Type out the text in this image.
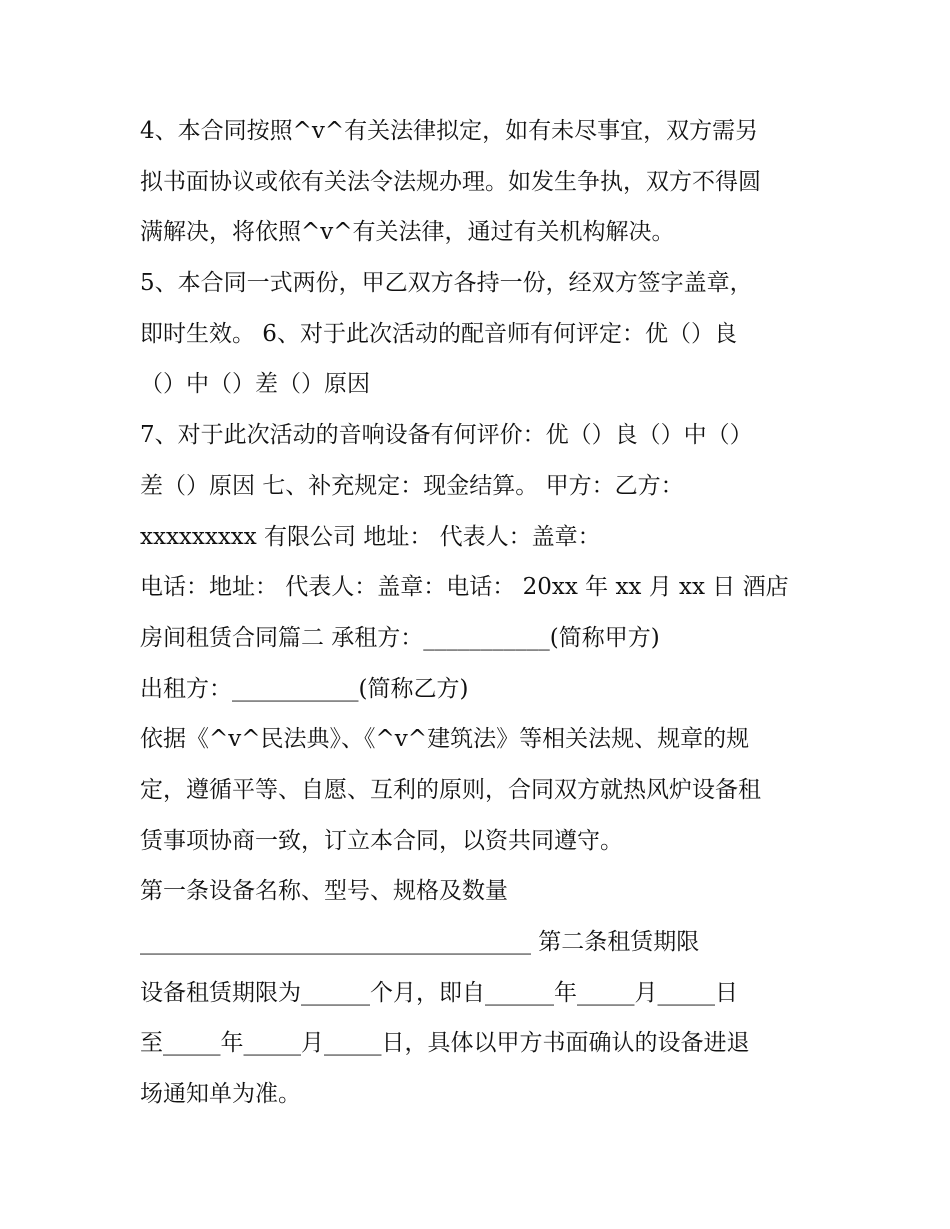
4、本合同按照^v^有关法律拟定，如有未尽事宜，双方需另
拟书面协议或依有关法令法规办理。如发生争执，双方不得圆
满解决，将依照^v^有关法律，通过有关机构解决。
5、本合同一式两份，甲乙双方各持一份，经双方签字盖章，
即时生效。 6、对于此次活动的配音师有何评定：优（）良
（）中（）差（）原因
7、对于此次活动的音响设备有何评价：优（）良（）中（）
差（）原因 七、补充规定：现金结算。 甲方：乙方：
xxxxxxxxx 有限公司 地址： 代表人：盖章：
电话：地址： 代表人：盖章：电话： 20xx 年 xx 月 xx 日 酒店
房间租赁合同篇二 承租方：___________(简称甲方)
出租方：___________(简称乙方)
依据《^v^民法典》、《^v^建筑法》等相关法规、规章的规
定，遵循平等、自愿、互利的原则，合同双方就热风炉设备租
赁事项协商一致，订立本合同，以资共同遵守。
第一条设备名称、型号、规格及数量
__________________________________ 第二条租赁期限
设备租赁期限为______个月，即自______年_____月_____日
至_____年_____月_____日，具体以甲方书面确认的设备进退
场通知单为准。
